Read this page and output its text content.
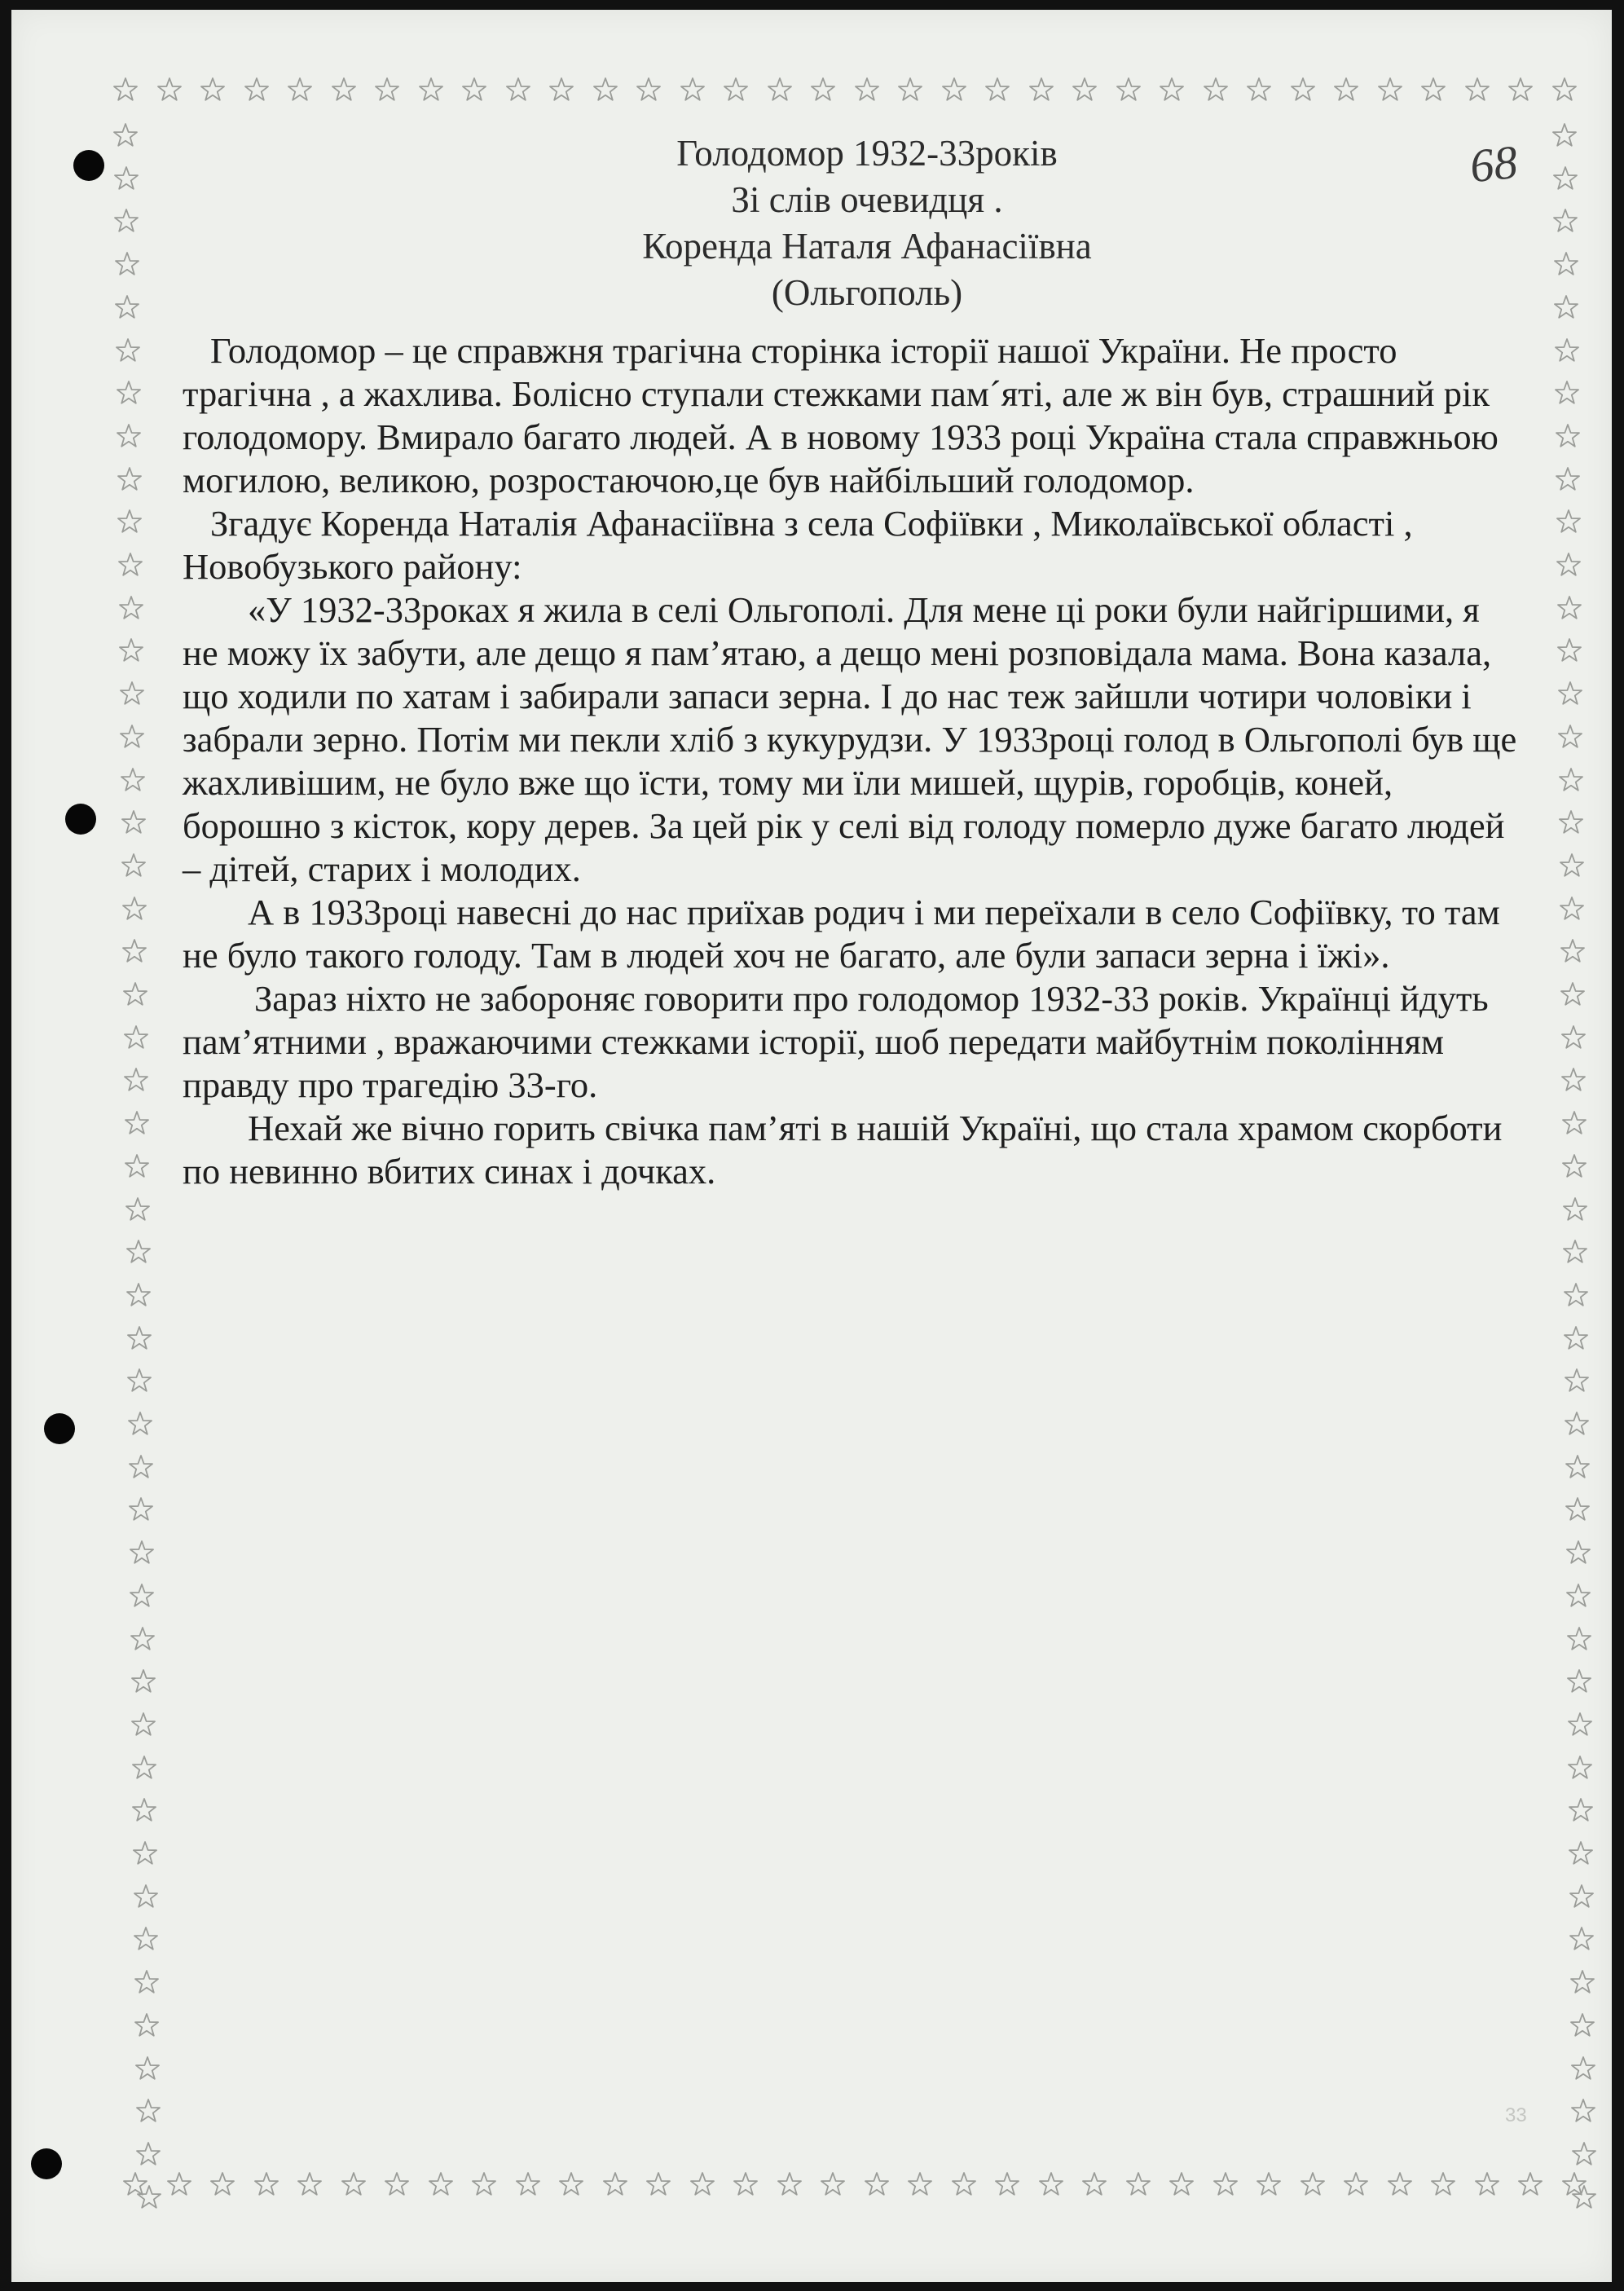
68
33
Голодомор 1932-33років
Зі слів очевидця .
Коренда Наталя Афанасіївна
(Ольгополь)

Голодомор – це справжня трагічна сторінка історії нашої України. Не просто трагічна , а жахлива. Болісно ступали стежками пам´яті, але ж він був, страшний рік голодомору. Вмирало багато людей. А в новому 1933 році Україна стала справжньою могилою, великою, розростаючою,це був найбільший голодомор.

Згадує Коренда Наталія Афанасіївна з села Софіївки , Миколаївської області , Новобузького району:

«У 1932-33роках я жила в селі Ольгополі. Для мене ці роки були найгіршими, я не можу їх забути, але дещо я пам’ятаю, а дещо мені розповідала мама. Вона казала, що ходили по хатам і забирали запаси зерна. І до нас теж зайшли чотири чоловіки і забрали зерно. Потім ми пекли хліб з кукурудзи. У 1933році голод в Ольгополі був ще жахливішим, не було вже що їсти, тому ми їли мишей, щурів, горобців, коней, борошно з кісток, кору дерев. За цей рік у селі від голоду померло дуже багато людей – дітей, старих і молодих.

А в 1933році навесні до нас приїхав родич і ми переїхали в село Софіївку, то там не було такого голоду. Там в людей хоч не багато, але були запаси зерна і їжі».

Зараз ніхто не забороняє говорити про голодомор 1932-33 років. Українці йдуть пам’ятними , вражаючими стежками історії, шоб передати майбутнім поколінням правду про трагедію 33-го.

Нехай же вічно горить свічка пам’яті в нашій Україні, що стала храмом скорботи по невинно вбитих синах і дочках.
